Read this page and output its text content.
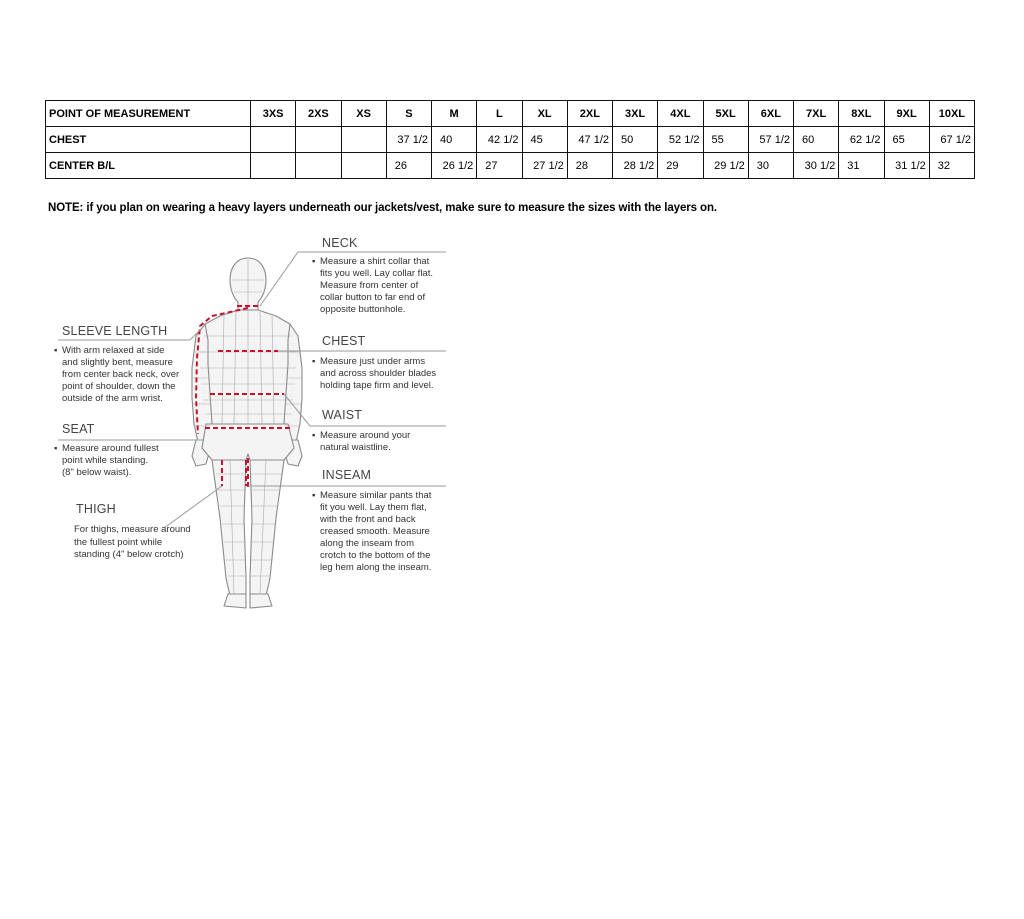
POINT OF MEASUREMENT	3XS	2XS	XS	S	M	L	XL	2XL	3XL	4XL	5XL	6XL	7XL	8XL	9XL	10XL
CHEST				37 1/2	40	42 1/2	45	47 1/2	50	52 1/2	55	57 1/2	60	62 1/2	65	67 1/2
CENTER B/L				26	26 1/2	27	27 1/2	28	28 1/2	29	29 1/2	30	30 1/2	31	31 1/2	32
NOTE: if you plan on wearing a heavy layers underneath our jackets/vest, make sure to measure the sizes with the layers on.
NECK
▪ Measure a shirt collar that
fits you well. Lay collar flat.
Measure from center of
collar button to far end of
opposite buttonhole.
CHEST
▪ Measure just under arms
and across shoulder blades
holding tape firm and level.
WAIST
▪ Measure around your
natural waistline.
INSEAM
▪ Measure similar pants that
fit you well. Lay them flat,
with the front and back
creased smooth. Measure
along the inseam from
crotch to the bottom of the
leg hem along the inseam.
SLEEVE LENGTH
▪ With arm relaxed at side
and slightly bent, measure
from center back neck, over
point of shoulder, down the
outside of the arm wrist.
SEAT
▪ Measure around fullest
point while standing.
(8" below waist).
THIGH
For thighs, measure around
the fullest point while
standing (4" below crotch)
